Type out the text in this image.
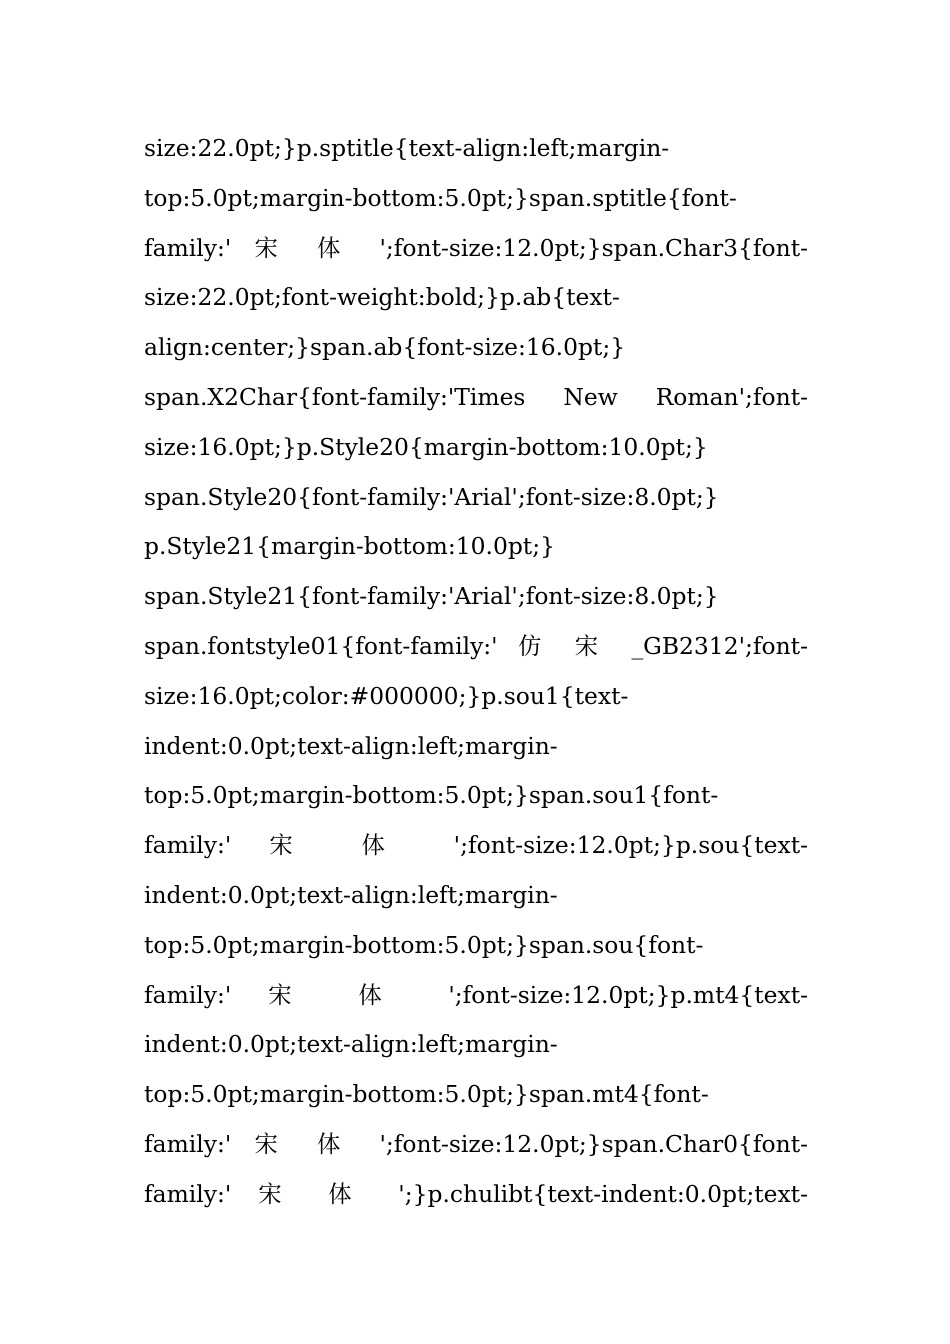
size:22.0pt;}p.sptitle{text-align:left;margin-
top:5.0pt;margin-bottom:5.0pt;}span.sptitle{font-
family:' 宋 体 ';font-size:12.0pt;}span.Char3{font-
size:22.0pt;font-weight:bold;}p.ab{text-
align:center;}span.ab{font-size:16.0pt;}
span.X2Char{font-family:'Times New Roman';font-
size:16.0pt;}p.Style20{margin-bottom:10.0pt;}
span.Style20{font-family:'Arial';font-size:8.0pt;}
p.Style21{margin-bottom:10.0pt;}
span.Style21{font-family:'Arial';font-size:8.0pt;}
span.fontstyle01{font-family:' 仿 宋 _GB2312';font-
size:16.0pt;color:#000000;}p.sou1{text-
indent:0.0pt;text-align:left;margin-
top:5.0pt;margin-bottom:5.0pt;}span.sou1{font-
family:' 宋 体 ';font-size:12.0pt;}p.sou{text-
indent:0.0pt;text-align:left;margin-
top:5.0pt;margin-bottom:5.0pt;}span.sou{font-
family:' 宋 体 ';font-size:12.0pt;}p.mt4{text-
indent:0.0pt;text-align:left;margin-
top:5.0pt;margin-bottom:5.0pt;}span.mt4{font-
family:' 宋 体 ';font-size:12.0pt;}span.Char0{font-
family:' 宋 体 ';}p.chulibt{text-indent:0.0pt;text-
